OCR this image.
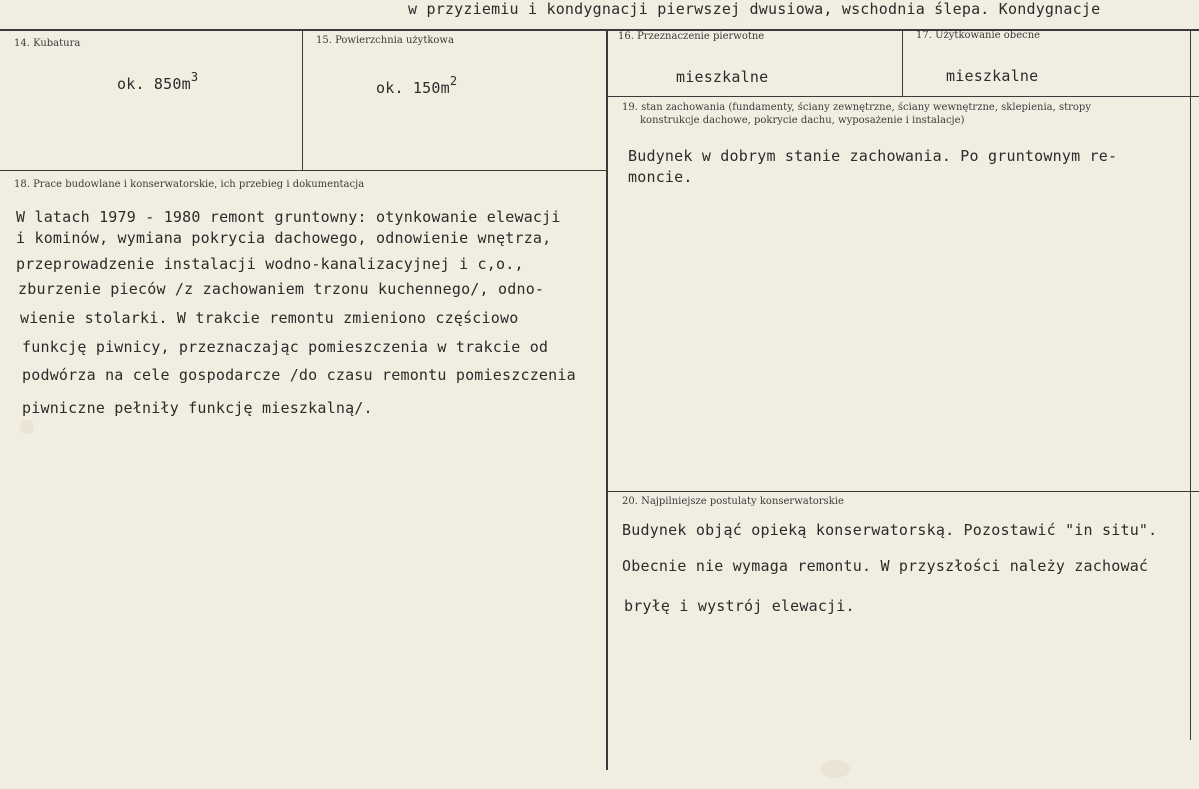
w przyziemiu i kondygnacji pierwszej dwusiowa, wschodnia ślepa. Kondygnacje
14. Kubatura
ok. $850m^3$
15. Powierzchnia użytkowa
ok. $150m^2$
16. Przeznaczenie pierwotne
mieszkalne
17. Użytkowanie obecne
mieszkalne
18. Prace budowlane i konserwatorskie, ich przebieg i dokumentacja
W latach 1979 - 1980 remont gruntowny: otynkowanie elewacji
i kominów, wymiana pokrycia dachowego, odnowienie wnętrza,
przeprowadzenie instalacji wodno-kanalizacyjnej i c,o.,
zburzenie pieców /z zachowaniem trzonu kuchennego/, odno-
wienie stolarki. W trakcie remontu zmieniono częściowo
funkcję piwnicy, przeznaczając pomieszczenia w trakcie od
podwórza na cele gospodarcze /do czasu remontu pomieszczenia
piwniczne pełniły funkcję mieszkalną/.
19. stan zachowania (fundamenty, ściany zewnętrzne, ściany wewnętrzne, sklepienia, stropy
konstrukcje dachowe, pokrycie dachu, wyposażenie i instalacje)
Budynek w dobrym stanie zachowania. Po gruntownym re-
moncie.
20. Najpilniejsze postulaty konserwatorskie
Budynek objąć opieką konserwatorską. Pozostawić "in situ".
Obecnie nie wymaga remontu. W przyszłości należy zachować
bryłę i wystrój elewacji.
